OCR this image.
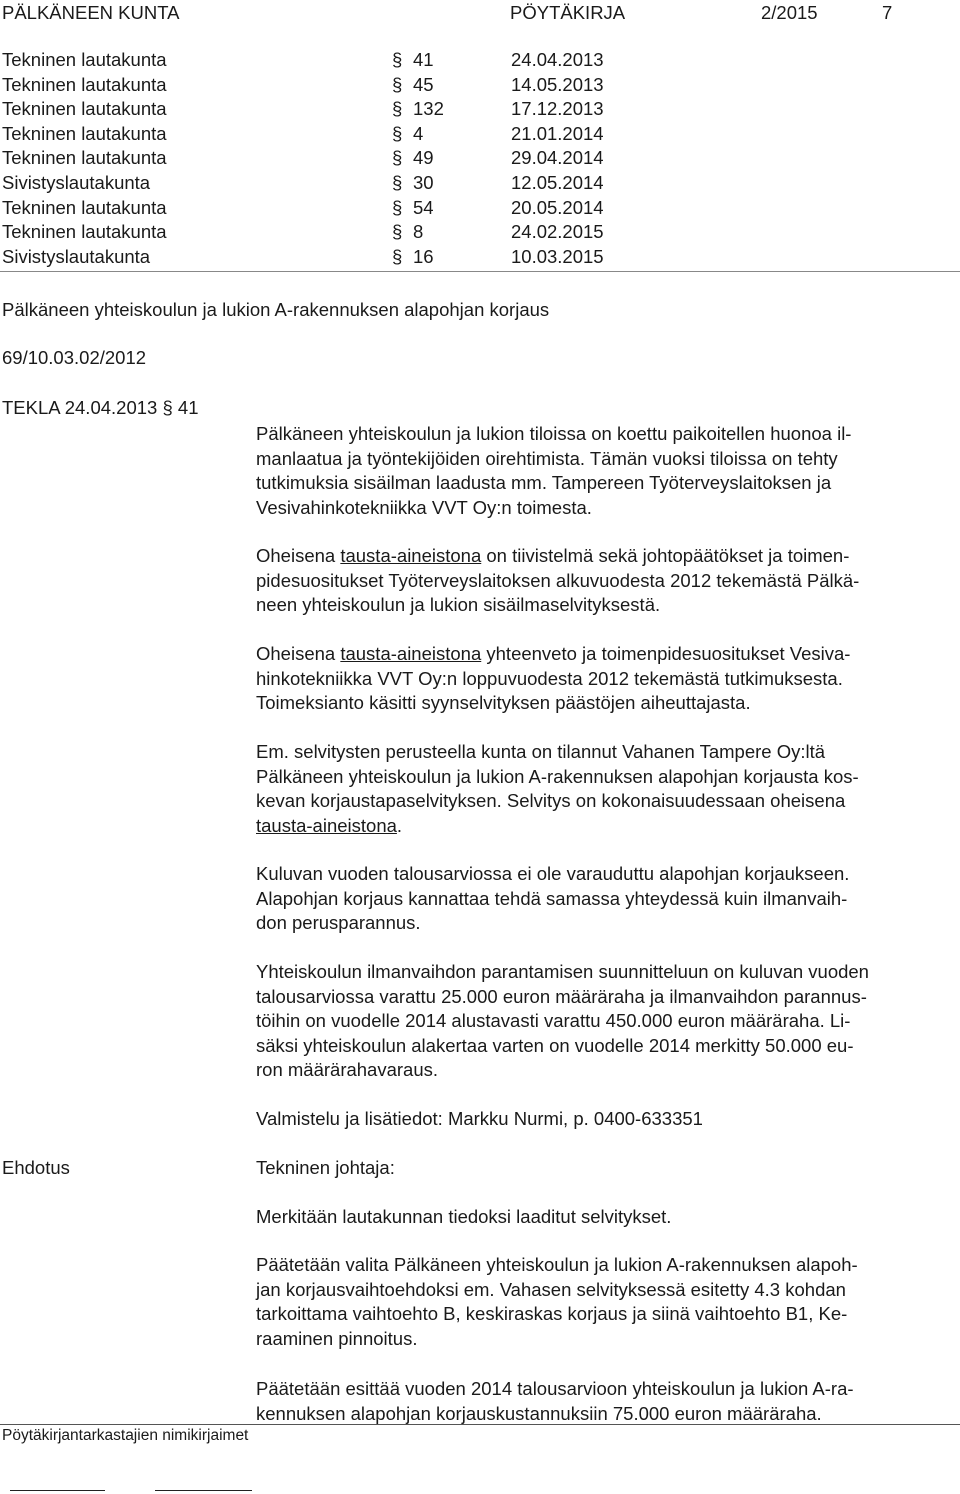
PÄLKÄNEEN KUNTA	PÖYTÄKIRJA	2/2015	7
Tekninen lautakunta	§ 41	24.04.2013
Tekninen lautakunta	§ 45	14.05.2013
Tekninen lautakunta	§ 132	17.12.2013
Tekninen lautakunta	§ 4	21.01.2014
Tekninen lautakunta	§ 49	29.04.2014
Sivistyslautakunta	§ 30	12.05.2014
Tekninen lautakunta	§ 54	20.05.2014
Tekninen lautakunta	§ 8	24.02.2015
Sivistyslautakunta	§ 16	10.03.2015
Pälkäneen yhteiskoulun ja lukion A-rakennuksen alapohjan korjaus
69/10.03.02/2012
TEKLA 24.04.2013 § 41
Pälkäneen yhteiskoulun ja lukion tiloissa on koettu paikoitellen huonoa il-
manlaatua ja työntekijöiden oirehtimista. Tämän vuoksi tiloissa on tehty
tutkimuksia sisäilman laadusta mm. Tampereen Työterveyslaitoksen ja
Vesivahinkotekniikka VVT Oy:n toimesta.
Oheisena tausta-aineistona on tiivistelmä sekä johtopäätökset ja toimen-
pidesuositukset Työterveyslaitoksen alkuvuodesta 2012 tekemästä Pälkä-
neen yhteiskoulun ja lukion sisäilmaselvityksestä.
Oheisena tausta-aineistona yhteenveto ja toimenpidesuositukset Vesiva-
hinkotekniikka VVT Oy:n loppuvuodesta 2012 tekemästä tutkimuksesta.
Toimeksianto käsitti syynselvityksen päästöjen aiheuttajasta.
Em. selvitysten perusteella kunta on tilannut Vahanen Tampere Oy:ltä
Pälkäneen yhteiskoulun ja lukion A-rakennuksen alapohjan korjausta kos-
kevan korjaustapaselvityksen. Selvitys on kokonaisuudessaan oheisena
tausta-aineistona.
Kuluvan vuoden talousarviossa ei ole varauduttu alapohjan korjaukseen.
Alapohjan korjaus kannattaa tehdä samassa yhteydessä kuin ilmanvaih-
don perusparannus.
Yhteiskoulun ilmanvaihdon parantamisen suunnitteluun on kuluvan vuoden
talousarviossa varattu 25.000 euron määräraha ja ilmanvaihdon parannus-
töihin on vuodelle 2014 alustavasti varattu 450.000 euron määräraha. Li-
säksi yhteiskoulun alakertaa varten on vuodelle 2014 merkitty 50.000 eu-
ron määrärahavaraus.
Valmistelu ja lisätiedot: Markku Nurmi, p. 0400-633351
Ehdotus	Tekninen johtaja:
Merkitään lautakunnan tiedoksi laaditut selvitykset.
Päätetään valita Pälkäneen yhteiskoulun ja lukion A-rakennuksen alapoh-
jan korjausvaihtoehdoksi em. Vahasen selvityksessä esitetty 4.3 kohdan
tarkoittama vaihtoehto B, keskiraskas korjaus ja siinä vaihtoehto B1, Ke-
raaminen pinnoitus.
Päätetään esittää vuoden 2014 talousarvioon yhteiskoulun ja lukion A-ra-
kennuksen alapohjan korjauskustannuksiin 75.000 euron määräraha.
Pöytäkirjantarkastajien nimikirjaimet
